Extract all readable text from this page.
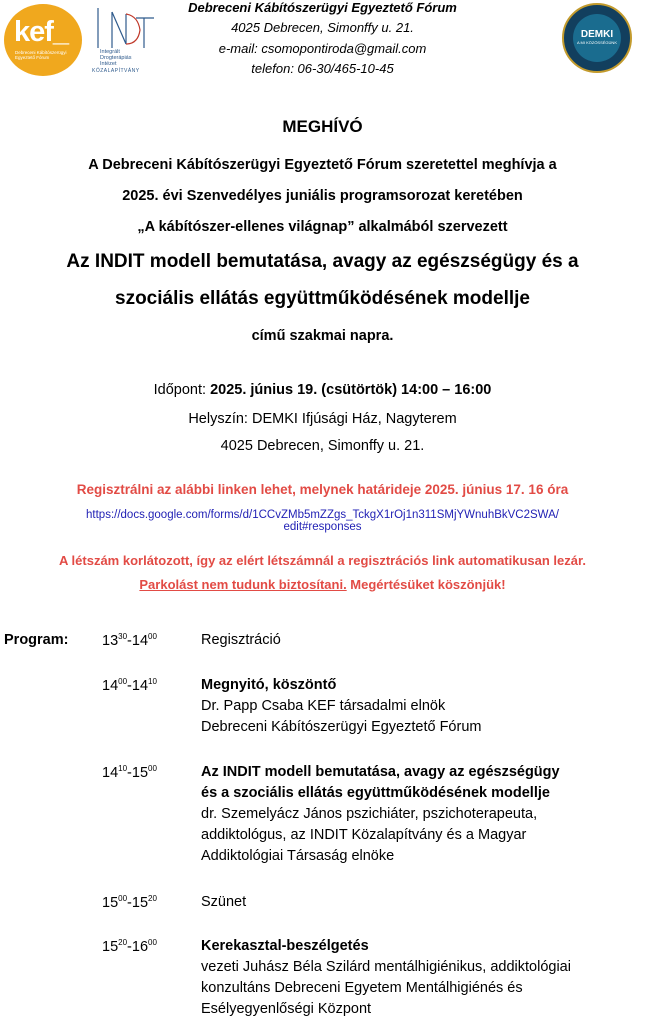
kef_
Debreceni Kábítószerügyi Egyeztető Fórum
Integrált
Drogterápiás
Intézet
KÖZALAPÍTVÁNY
DEMKI
A MI KÖZÖSSÉGÜNK
Debreceni Kábítószerügyi Egyeztető Fórum
4025 Debrecen, Simonffy u. 21.
e-mail: csomopontiroda@gmail.com
telefon: 06-30/465-10-45
MEGHÍVÓ
A Debreceni Kábítószerügyi Egyeztető Fórum szeretettel meghívja a
2025. évi Szenvedélyes juniális programsorozat keretében
„A kábítószer-ellenes világnap” alkalmából szervezett
Az INDIT modell bemutatása, avagy az egészségügy és a
szociális ellátás együttműködésének modellje
című szakmai napra.
Időpont: 2025. június 19. (csütörtök) 14:00 – 16:00
Helyszín: DEMKI Ifjúsági Ház, Nagyterem
4025 Debrecen, Simonffy u. 21.
Regisztrálni az alábbi linken lehet, melynek határideje 2025. június 17. 16 óra
https://docs.google.com/forms/d/1CCvZMb5mZZgs_TckgX1rOj1n311SMjYWnuhBkVC2SWA/
edit#responses
A létszám korlátozott, így az elért létszámnál a regisztrációs link automatikusan lezár.
Parkolást nem tudunk biztosítani. Megértésüket köszönjük!
Program: $13^{30}-14^{00}$	Regisztráció
$14^{00}-14^{10}$	Megnyitó, köszöntő
Dr. Papp Csaba KEF társadalmi elnök
Debreceni Kábítószerügyi Egyeztető Fórum
$14^{10}-15^{00}$	Az INDIT modell bemutatása, avagy az egészségügy
és a szociális ellátás együttműködésének modellje
dr. Szemelyácz János pszichiáter, pszichoterapeuta,
addiktológus, az INDIT Közalapítvány és a Magyar
Addiktológiai Társaság elnöke
$15^{00}-15^{20}$	Szünet
$15^{20}-16^{00}$	Kerekasztal-beszélgetés
vezeti Juhász Béla Szilárd mentálhigiénikus, addiktológiai
konzultáns Debreceni Egyetem Mentálhigiénés és
Esélyegyenlőségi Központ
